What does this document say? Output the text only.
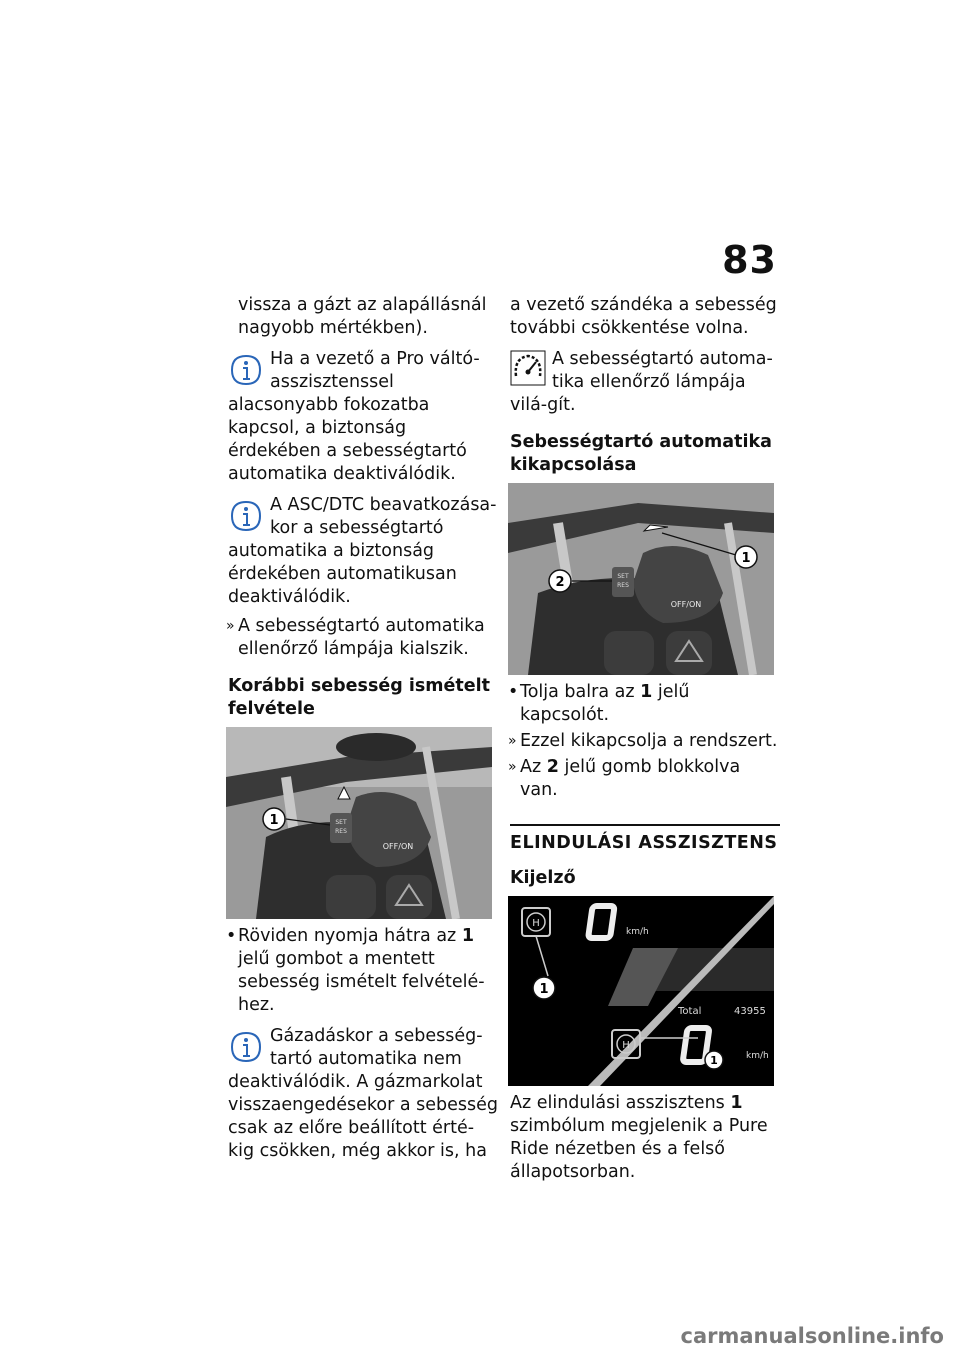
83

vissza a gázt az alapállásnál nagyobb mértékben).

Ha a vezető a Pro váltó-asszisztenssel alacsonyabb fokozatba kapcsol, a biztonság érdekében a sebességtartó automatika deaktiválódik.
A ASC/DTC beavatkozása-kor a sebességtartó automatika a biztonság érdekében automatikusan deaktiválódik.
» A sebességtartó automatika ellenőrző lámpája kialszik.
Korábbi sebesség ismételt felvétele
SET
RES
OFF/ON
1
• Röviden nyomja hátra az 1 jelű gombot a mentett sebesség ismételt felvételé-hez.
Gázadáskor a sebesség-tartó automatika nem deaktiválódik. A gázmarkolat visszaengedésekor a sebesség csak az előre beállított érté-kig csökken, még akkor is, ha

a vezető szándéka a sebesség további csökkentése volna.

A sebességtartó automa-tika ellenőrző lámpája vilá-gít.
Sebességtartó automatika kikapcsolása
SET
RES
OFF/ON
1
2
• Tolja balra az 1 jelű kapcsolót.
» Ezzel kikapcsolja a rendszert.
» Az 2 jelű gomb blokkolva van.
ELINDULÁSI ASSZISZTENS
Kijelző
H
km/h
Total	43955
H
km/h
1
1

Az elindulási asszisztens 1 szimbólum megjelenik a Pure Ride nézetben és a felső állapotsorban.

carmanualsonline.info
